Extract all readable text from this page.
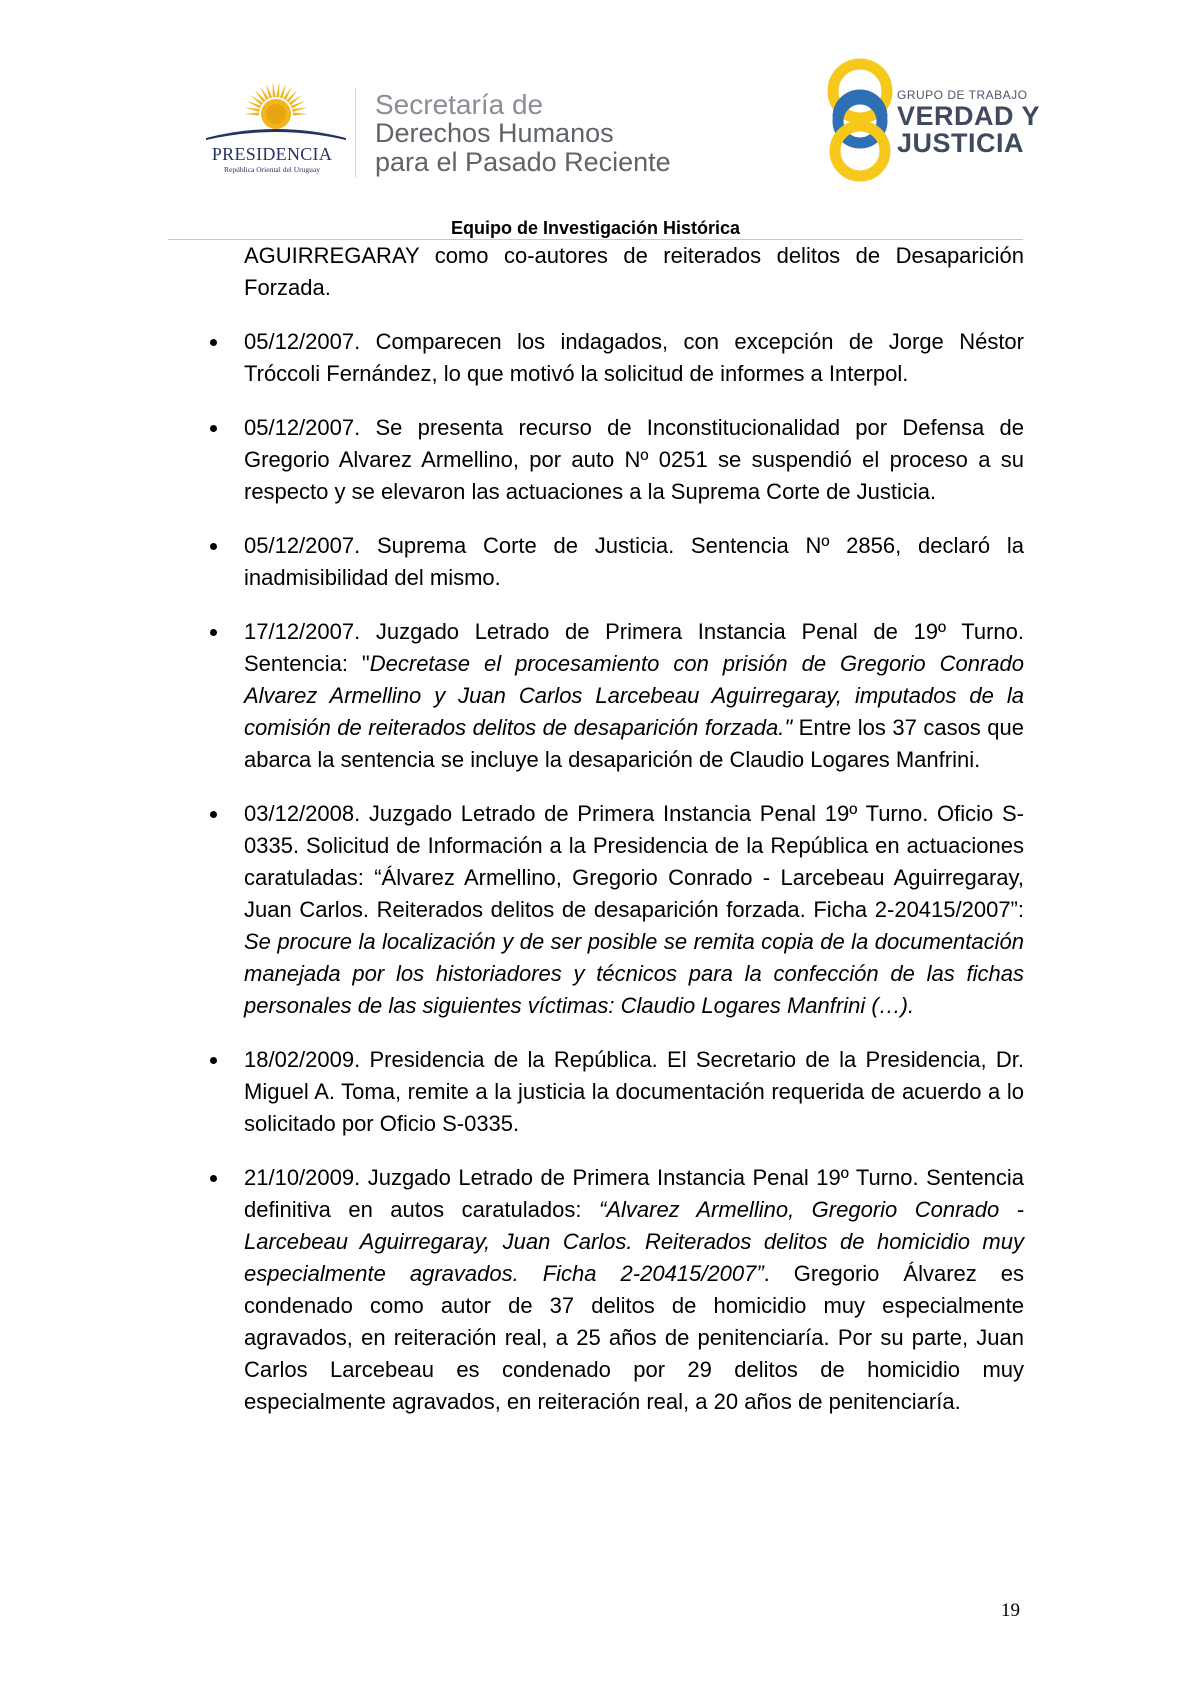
PRESIDENCIA
República Oriental del Uruguay
Secretaría de
Derechos Humanos
para el Pasado Reciente
GRUPO DE TRABAJO
VERDAD Y
JUSTICIA
Equipo de Investigación Histórica

AGUIRREGARAY como co-autores de reiterados delitos de Desaparición Forzada.

05/12/2007. Comparecen los indagados, con excepción de Jorge Néstor Tróccoli Fernández, lo que motivó la solicitud de informes a Interpol.
05/12/2007. Se presenta recurso de Inconstitucionalidad por Defensa de Gregorio Alvarez Armellino, por auto Nº 0251 se suspendió el proceso a su respecto y se elevaron las actuaciones a la Suprema Corte de Justicia.
05/12/2007. Suprema Corte de Justicia. Sentencia Nº 2856, declaró la inadmisibilidad del mismo.
17/12/2007. Juzgado Letrado de Primera Instancia Penal de 19º Turno. Sentencia: "Decretase el procesamiento con prisión de Gregorio Conrado Alvarez Armellino y Juan Carlos Larcebeau Aguirregaray, imputados de la comisión de reiterados delitos de desaparición forzada." Entre los 37 casos que abarca la sentencia se incluye la desaparición de Claudio Logares Manfrini.
03/12/2008. Juzgado Letrado de Primera Instancia Penal 19º Turno. Oficio S-0335. Solicitud de Información a la Presidencia de la República en actuaciones caratuladas: “Álvarez Armellino, Gregorio Conrado - Larcebeau Aguirregaray, Juan Carlos. Reiterados delitos de desaparición forzada. Ficha 2-20415/2007”: Se procure la localización y de ser posible se remita copia de la documentación manejada por los historiadores y técnicos para la confección de las fichas personales de las siguientes víctimas: Claudio Logares Manfrini (…).
18/02/2009. Presidencia de la República. El Secretario de la Presidencia, Dr. Miguel A. Toma, remite a la justicia la documentación requerida de acuerdo a lo solicitado por Oficio S-0335.
21/10/2009. Juzgado Letrado de Primera Instancia Penal 19º Turno. Sentencia definitiva en autos caratulados: “Alvarez Armellino, Gregorio Conrado - Larcebeau Aguirregaray, Juan Carlos. Reiterados delitos de homicidio muy especialmente agravados. Ficha 2-20415/2007”. Gregorio Álvarez es condenado como autor de 37 delitos de homicidio muy especialmente agravados, en reiteración real, a 25 años de penitenciaría. Por su parte, Juan Carlos Larcebeau es condenado por 29 delitos de homicidio muy especialmente agravados, en reiteración real, a 20 años de penitenciaría.
19
